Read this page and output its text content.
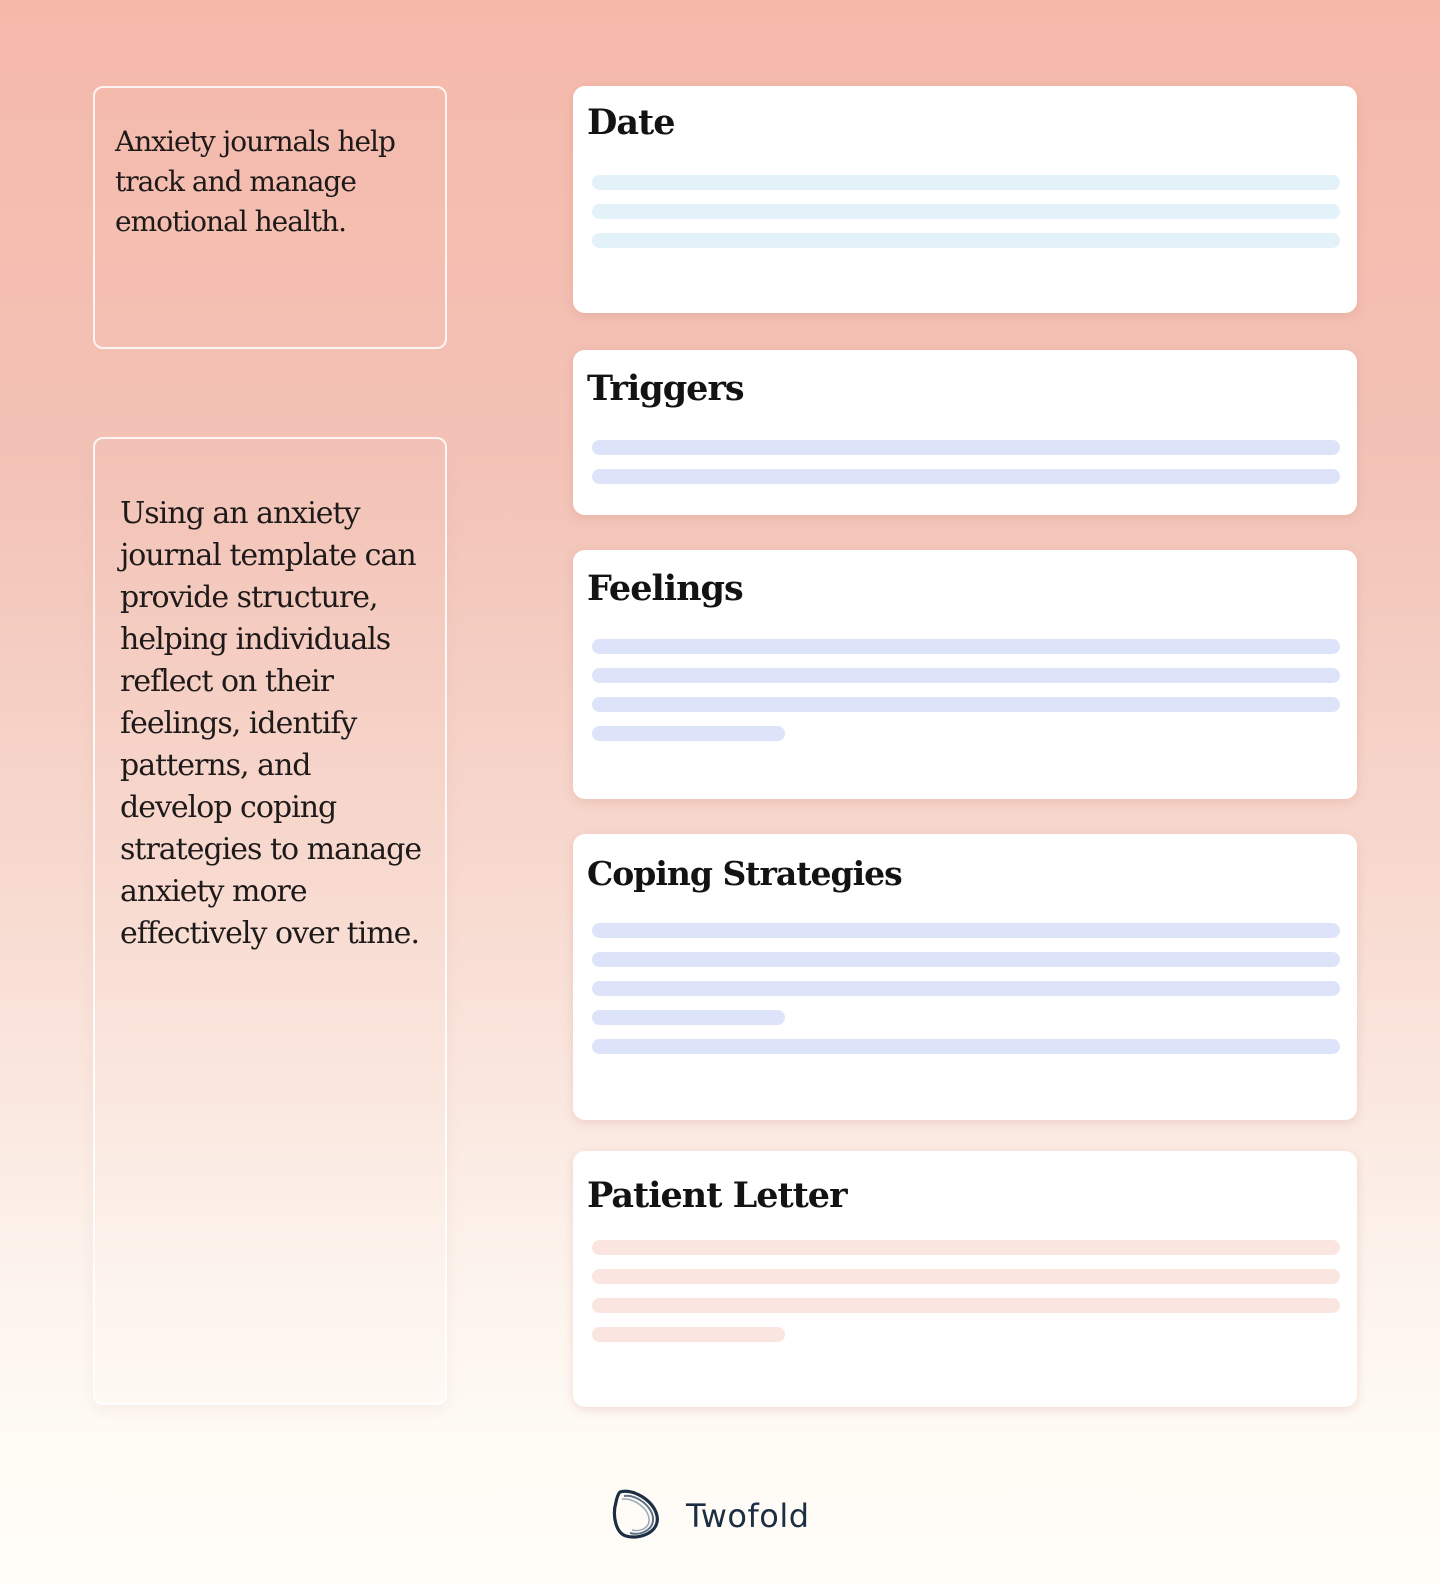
Anxiety journals help track and manage emotional health.

Using an anxiety journal template can provide structure, helping individuals reflect on their feelings, identify patterns, and develop coping strategies to manage anxiety more effectively over time.

Date
Triggers
Feelings
Coping Strategies
Patient Letter
Twofold
